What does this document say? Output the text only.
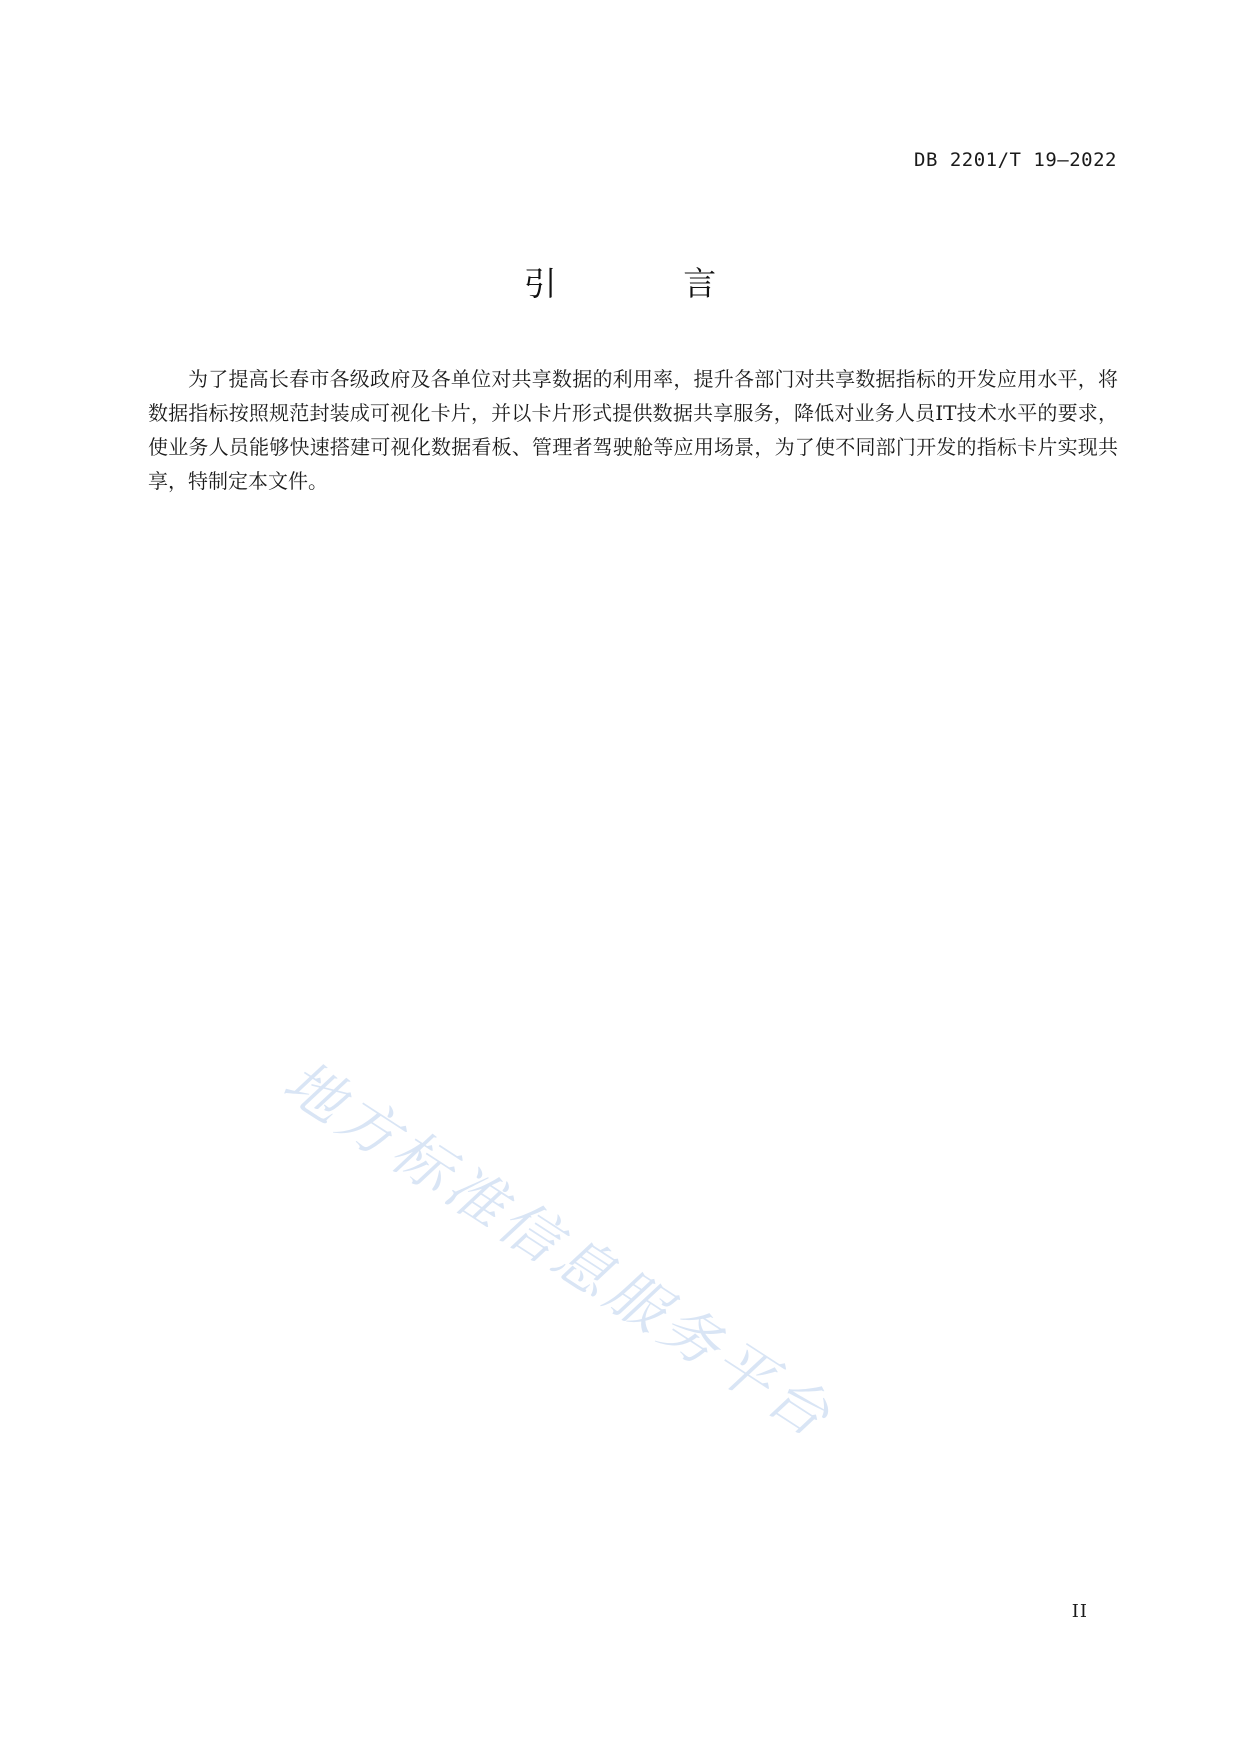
DB 2201/T 19—2022
引 言

为了提高长春市各级政府及各单位对共享数据的利用率，提升各部门对共享数据指标的开发应用水平，将数据指标按照规范封装成可视化卡片，并以卡片形式提供数据共享服务，降低对业务人员IT技术水平的要求，使业务人员能够快速搭建可视化数据看板、管理者驾驶舱等应用场景，为了使不同部门开发的指标卡片实现共享，特制定本文件。

地方标准信息服务平台
II
